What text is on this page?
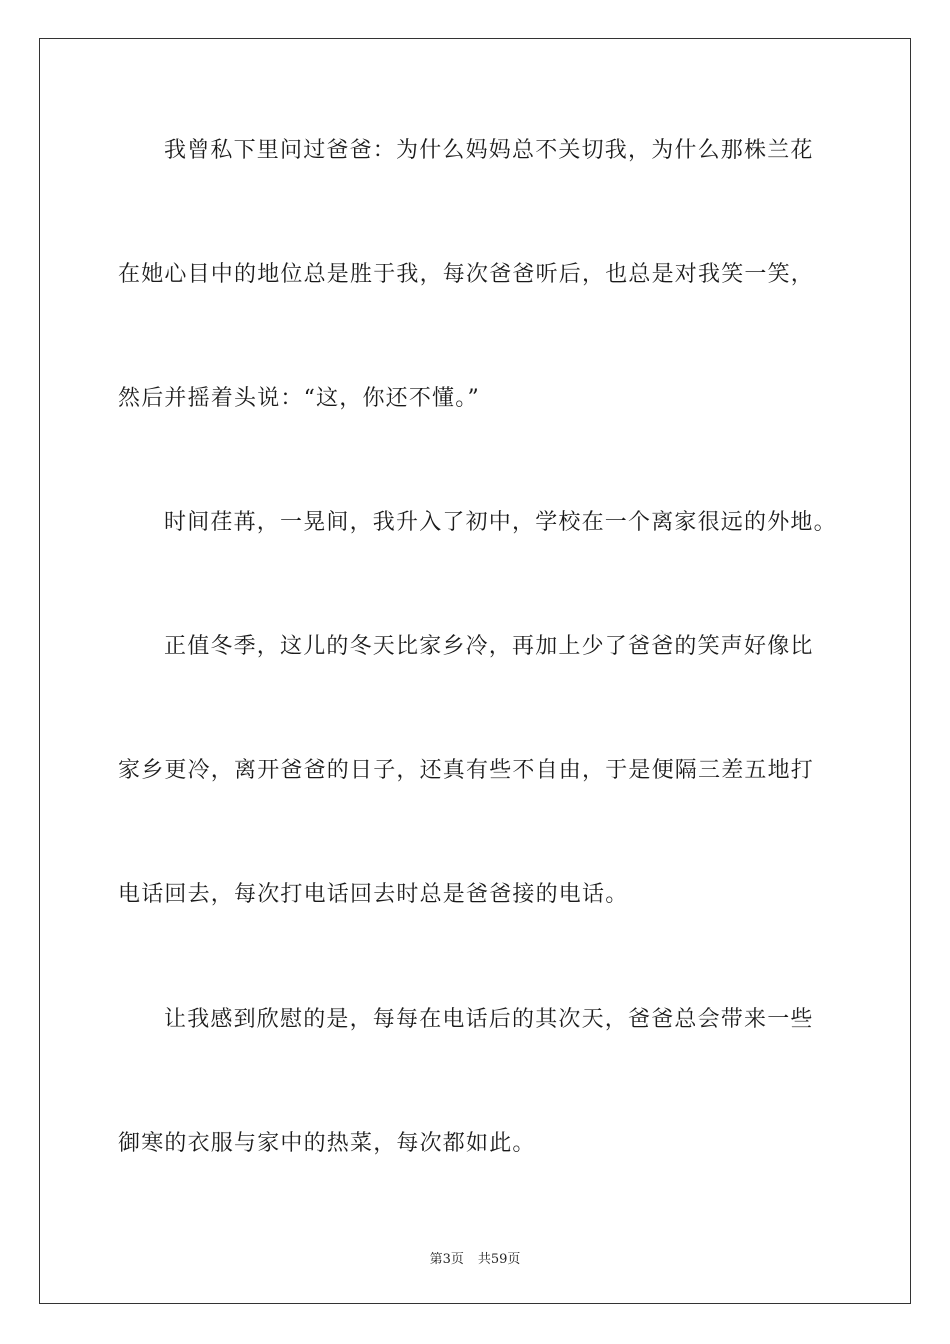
我曾私下里问过爸爸：为什么妈妈总不关切我，为什么那株兰花
在她心目中的地位总是胜于我，每次爸爸听后，也总是对我笑一笑，
然后并摇着头说：“这，你还不懂。”
时间荏苒，一晃间，我升入了初中，学校在一个离家很远的外地。
正值冬季，这儿的冬天比家乡冷，再加上少了爸爸的笑声好像比
家乡更冷，离开爸爸的日子，还真有些不自由，于是便隔三差五地打
电话回去，每次打电话回去时总是爸爸接的电话。
让我感到欣慰的是，每每在电话后的其次天，爸爸总会带来一些
御寒的衣服与家中的热菜，每次都如此。
第3页 共59页
